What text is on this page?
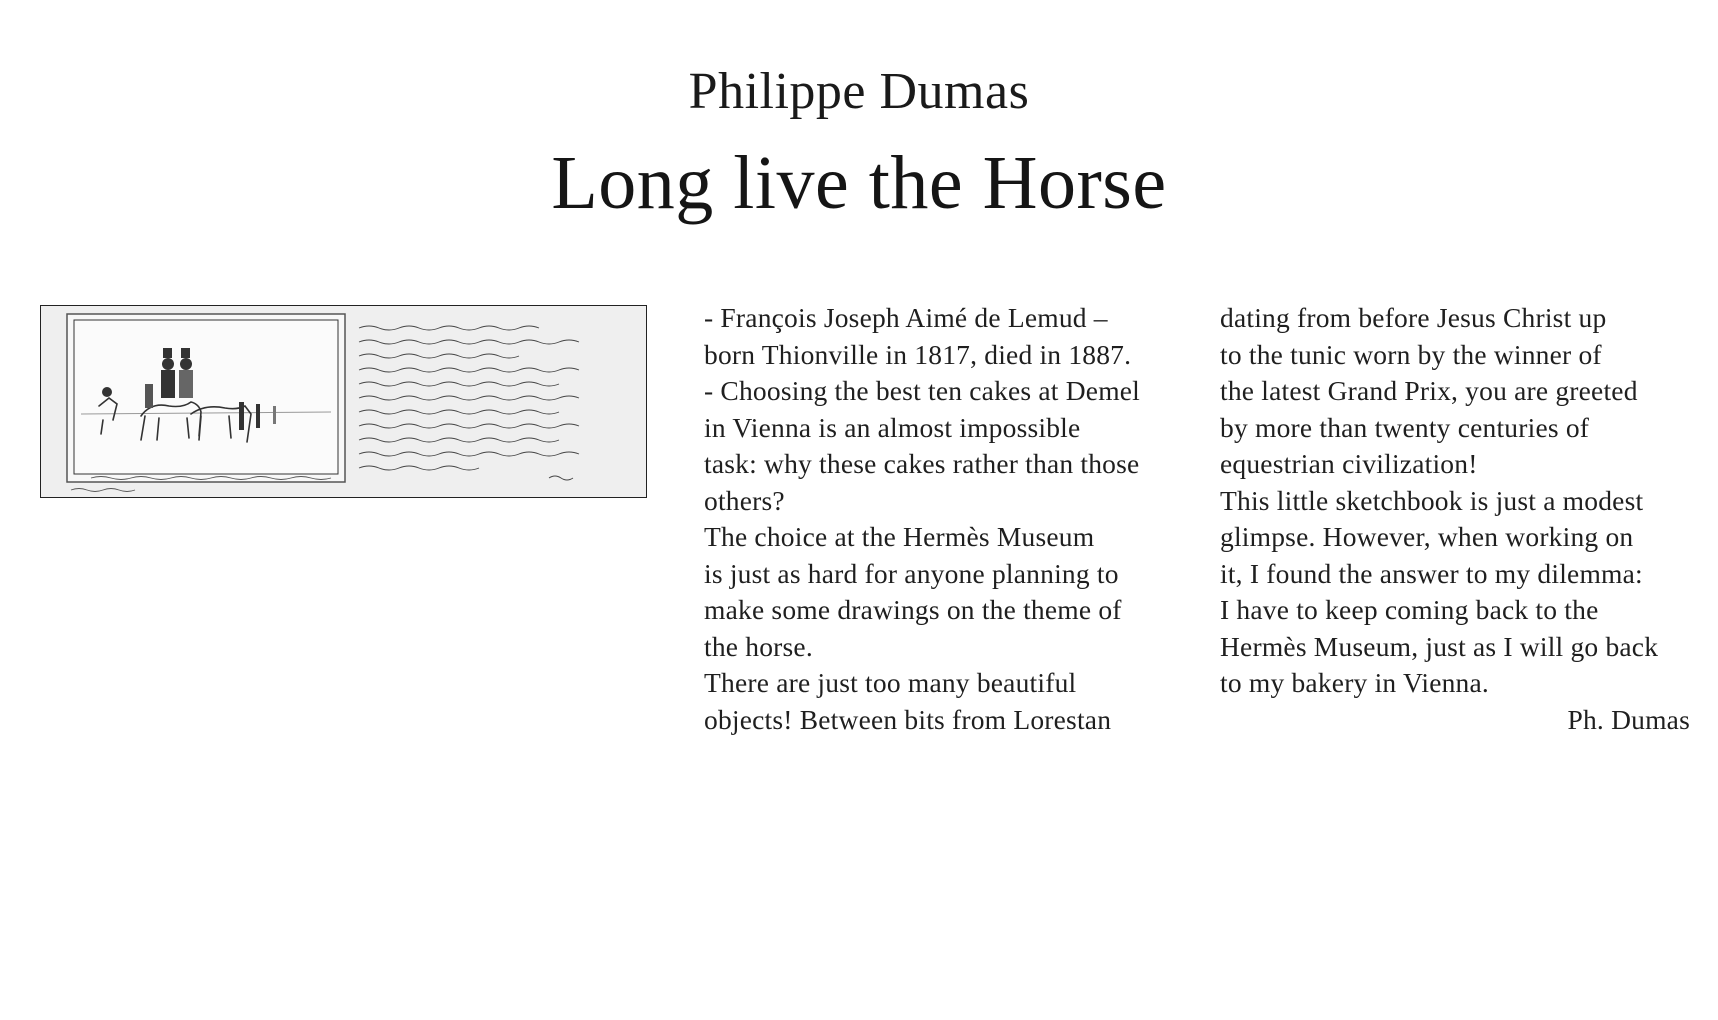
Philippe Dumas
Long live the Horse
- François Joseph Aimé de Lemud –
born Thionville in 1817, died in 1887.
- Choosing the best ten cakes at Demel
in Vienna is an almost impossible
task: why these cakes rather than those
others?
The choice at the Hermès Museum
is just as hard for anyone planning to
make some drawings on the theme of
the horse.
There are just too many beautiful
objects! Between bits from Lorestan
dating from before Jesus Christ up
to the tunic worn by the winner of
the latest Grand Prix, you are greeted
by more than twenty centuries of
equestrian civilization!
This little sketchbook is just a modest
glimpse. However, when working on
it, I found the answer to my dilemma:
I have to keep coming back to the
Hermès Museum, just as I will go back
to my bakery in Vienna.
Ph. Dumas
